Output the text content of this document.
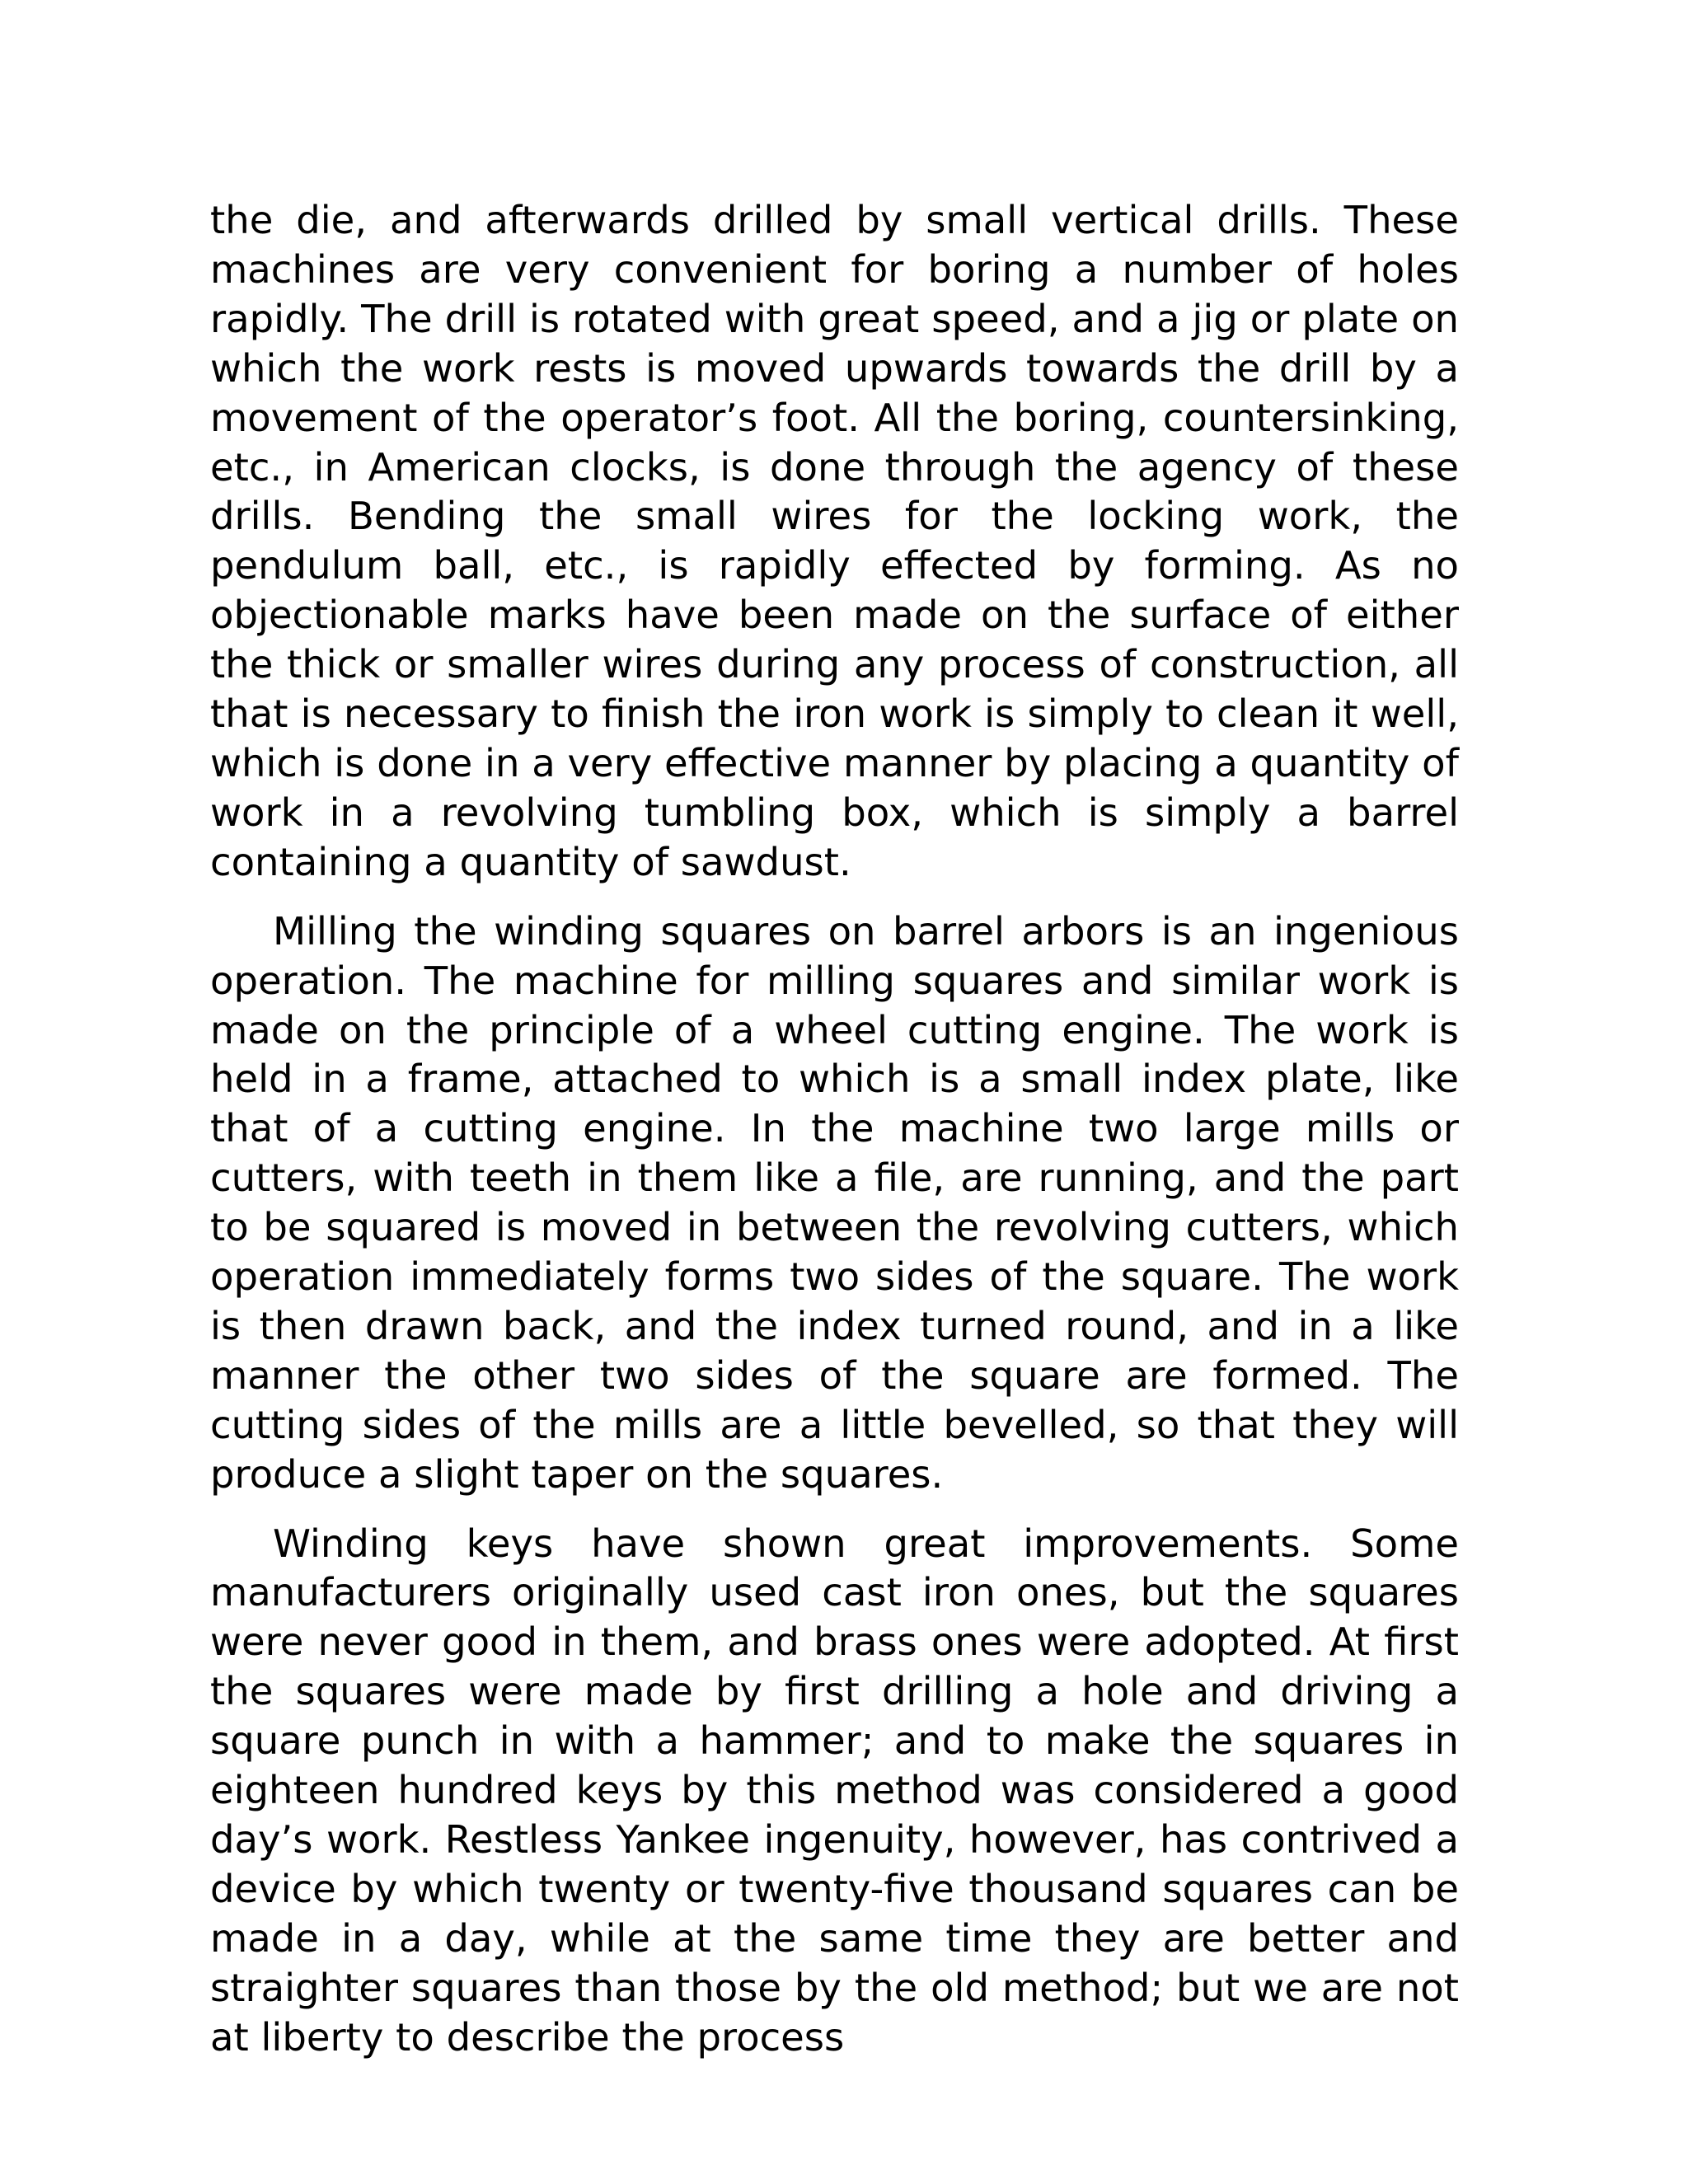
the die, and afterwards drilled by small vertical drills. These machines are very convenient for boring a number of holes rapidly. The drill is rotated with great speed, and a jig or plate on which the work rests is moved upwards towards the drill by a movement of the operator’s foot. All the boring, countersinking, etc., in American clocks, is done through the agency of these drills. Bending the small wires for the locking work, the pendulum ball, etc., is rapidly effected by forming. As no objectionable marks have been made on the surface of either the thick or smaller wires during any process of construction, all that is necessary to finish the iron work is simply to clean it well, which is done in a very effective manner by placing a quantity of work in a revolving tumbling box, which is simply a barrel containing a quantity of sawdust.

Milling the winding squares on barrel arbors is an ingenious operation. The machine for milling squares and similar work is made on the principle of a wheel cutting engine. The work is held in a frame, attached to which is a small index plate, like that of a cutting engine. In the machine two large mills or cutters, with teeth in them like a file, are running, and the part to be squared is moved in between the revolving cutters, which operation immediately forms two sides of the square. The work is then drawn back, and the index turned round, and in a like manner the other two sides of the square are formed. The cutting sides of the mills are a little bevelled, so that they will produce a slight taper on the squares.

Winding keys have shown great improvements. Some manufacturers originally used cast iron ones, but the squares were never good in them, and brass ones were adopted. At first the squares were made by first drilling a hole and driving a square punch in with a hammer; and to make the squares in eighteen hundred keys by this method was considered a good day’s work. Restless Yankee ingenuity, however, has contrived a device by which twenty or twenty-five thousand squares can be made in a day, while at the same time they are better and straighter squares than those by the old method; but we are not at liberty to describe the process
